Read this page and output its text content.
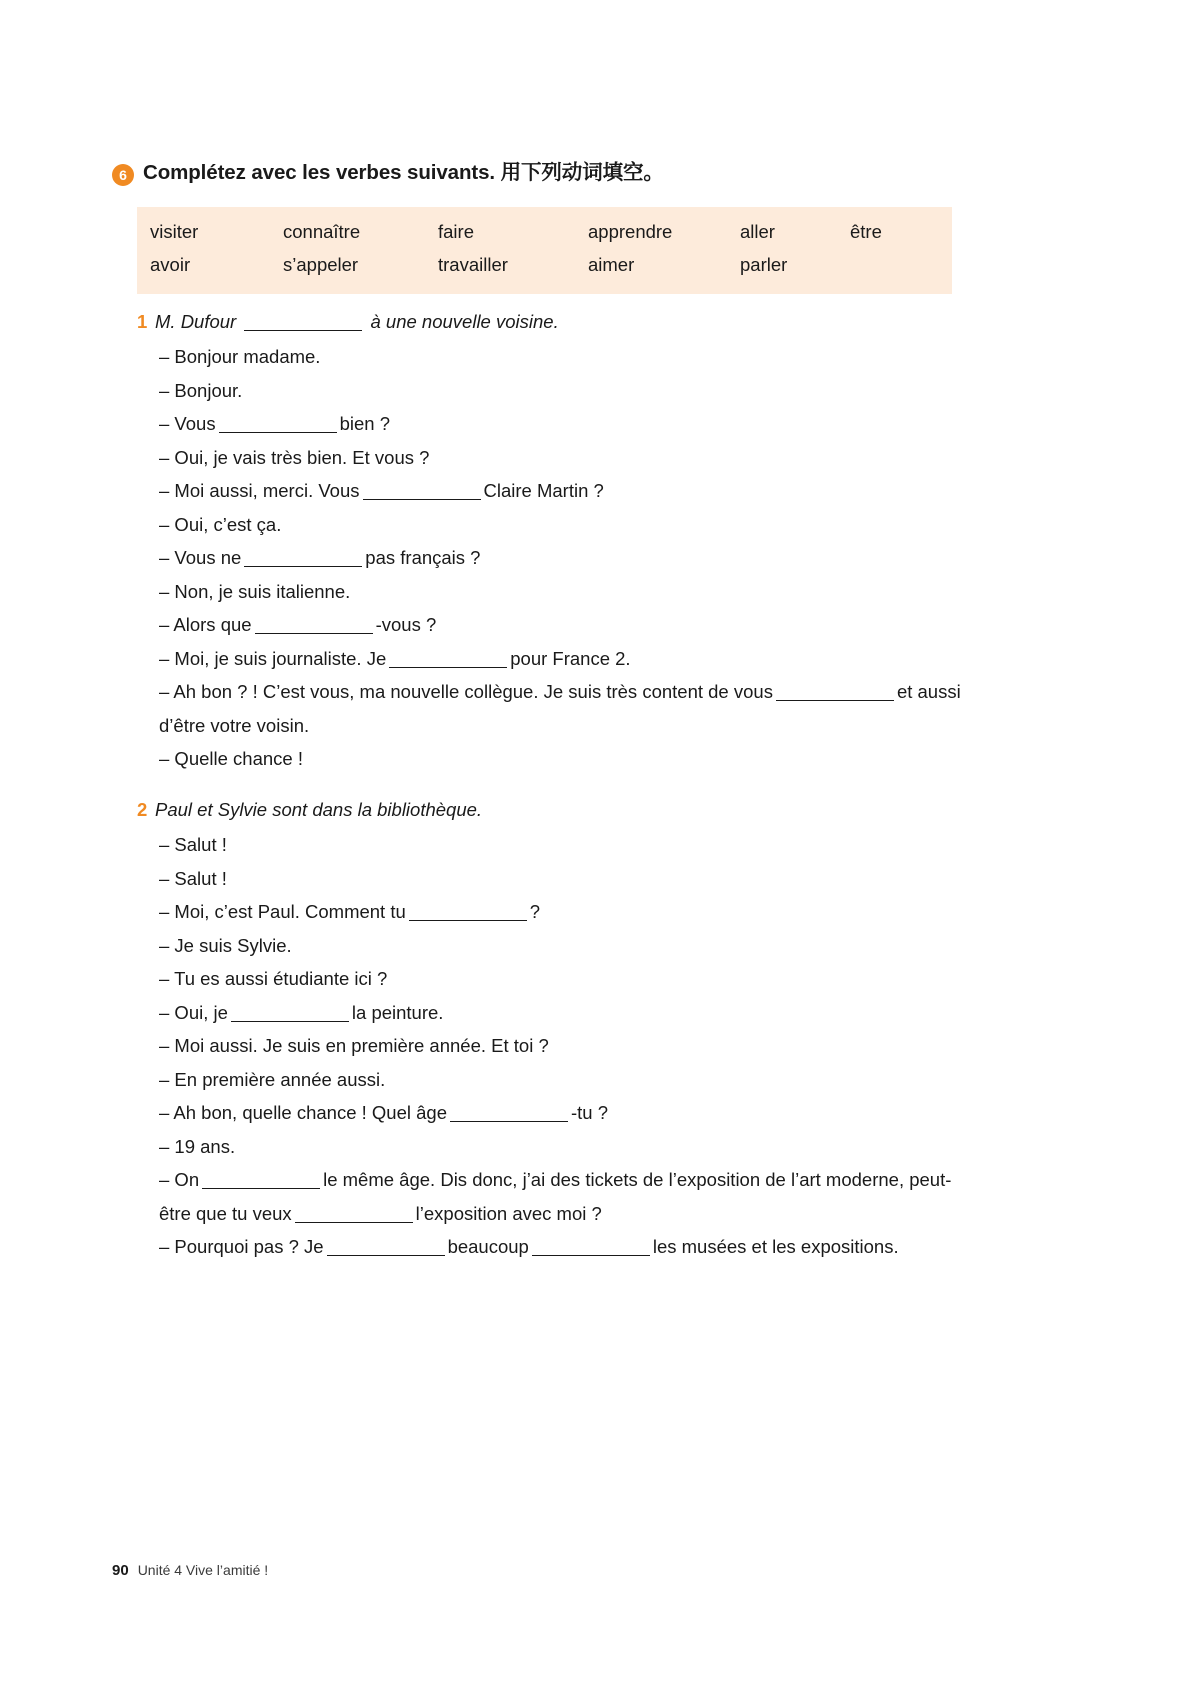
6 Complétez avec les verbes suivants. 用下列动词填空。
visiter	connaître	faire	apprendre	aller	être
avoir	s’appeler	travailler	aimer	parler
1 M. Dufour	à une nouvelle voisine.
– Bonjour madame.
– Bonjour.
– Vous	bien ?
– Oui, je vais très bien. Et vous ?
– Moi aussi, merci. Vous	Claire Martin ?
– Oui, c’est ça.
– Vous ne	pas français ?
– Non, je suis italienne.
– Alors que	-vous ?
– Moi, je suis journaliste. Je	pour France 2.
– Ah bon ? ! C’est vous, ma nouvelle collègue. Je suis très content de vous	et aussi d’être votre voisin.
– Quelle chance !
2 Paul et Sylvie sont dans la bibliothèque.
– Salut !
– Salut !
– Moi, c’est Paul. Comment tu	?
– Je suis Sylvie.
– Tu es aussi étudiante ici ?
– Oui, je	la peinture.
– Moi aussi. Je suis en première année. Et toi ?
– En première année aussi.
– Ah bon, quelle chance ! Quel âge	-tu ?
– 19 ans.
– On	le même âge. Dis donc, j’ai des tickets de l’exposition de l’art moderne, peut-être que tu veux	l’exposition avec moi ?
– Pourquoi pas ? Je	beaucoup	les musées et les expositions.
90 Unité 4 Vive l’amitié !
